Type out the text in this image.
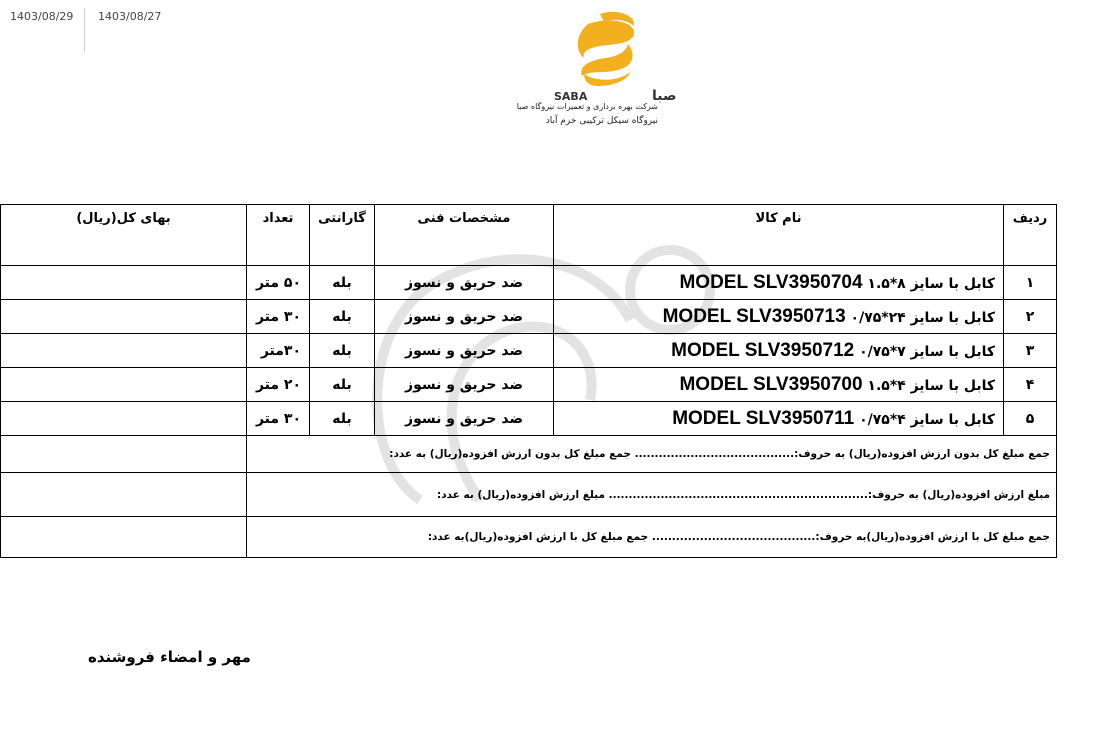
1403/08/29 1403/08/27
SABA	صبا
شرکت بهره برداری و تعمیرات نیروگاه صبا
نیروگاه سیکل ترکیبی خرم آباد
ردیف	نام کالا	مشخصات فنی	گارانتی	تعداد	بهای کل(ریال)
۱	کابل با سایز ۸*۱.۵ MODEL SLV3950704	ضد حریق و نسوز	بله	۵۰ متر	
۲	کابل با سایز ۲۴*۰/۷۵ MODEL SLV3950713	ضد حریق و نسوز	بله	۳۰ متر	
۳	کابل با سایز ۷*۰/۷۵ MODEL SLV3950712	ضد حریق و نسوز	بله	۳۰متر	
۴	کابل با سایز ۴*۱.۵ MODEL SLV3950700	ضد حریق و نسوز	بله	۲۰ متر	
۵	کابل با سایز ۴*۰/۷۵ MODEL SLV3950711	ضد حریق و نسوز	بله	۳۰ متر	
جمع مبلغ کل بدون ارزش افزوده(ریال) به حروف:........................................ جمع مبلغ کل بدون ارزش افزوده(ریال) به عدد:					
مبلغ ارزش افزوده(ریال) به حروف:................................................................. مبلغ ارزش افزوده(ریال) به عدد:					
جمع مبلغ کل با ارزش افزوده(ریال)به حروف:......................................... جمع مبلغ کل با ارزش افزوده(ریال)به عدد:					
مهر و امضاء فروشنده
